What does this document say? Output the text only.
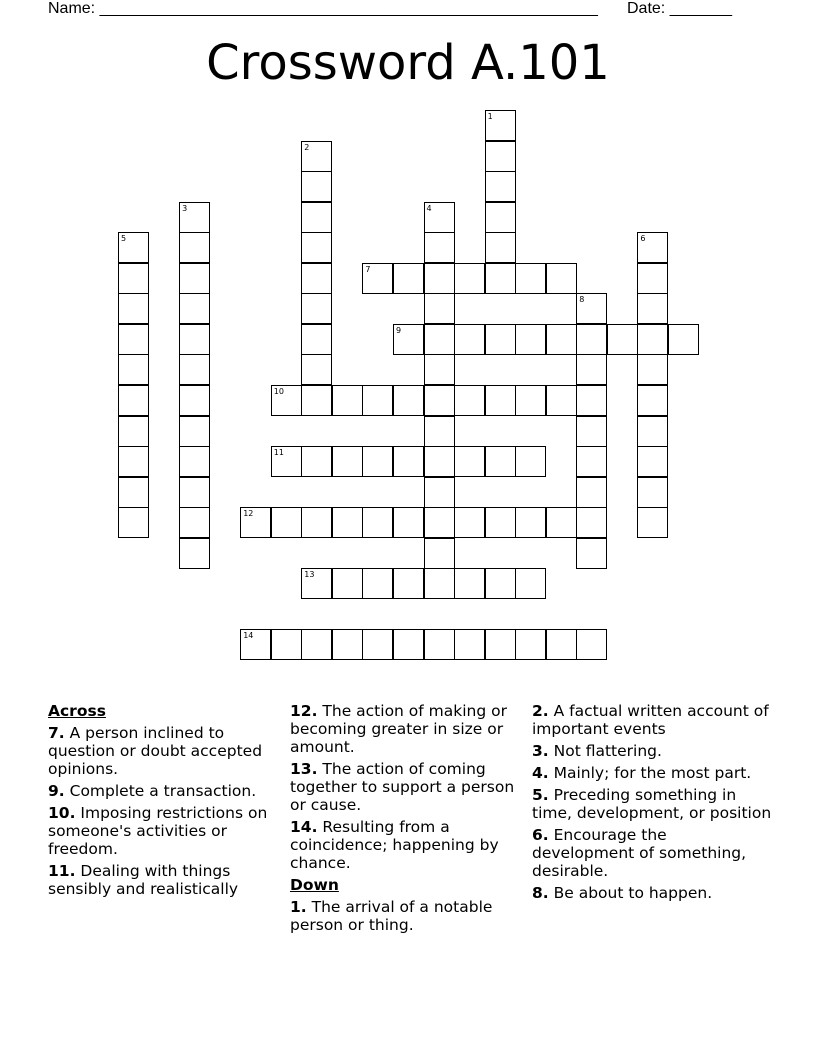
Name: ________________________________________________________ Date: _______
Crossword A.101
1
2
3	4
5	6
7
8
9
10
11
12
13
14
Across
7. A person inclined to question or doubt accepted opinions.
9. Complete a transaction.
10. Imposing restrictions on someone's activities or freedom.
11. Dealing with things sensibly and realistically
12. The action of making or becoming greater in size or amount.
13. The action of coming together to support a person or cause.
14. Resulting from a coincidence; happening by chance.
Down
1. The arrival of a notable person or thing.
2. A factual written account of important events
3. Not flattering.
4. Mainly; for the most part.
5. Preceding something in time, development, or position
6. Encourage the development of something, desirable.
8. Be about to happen.
